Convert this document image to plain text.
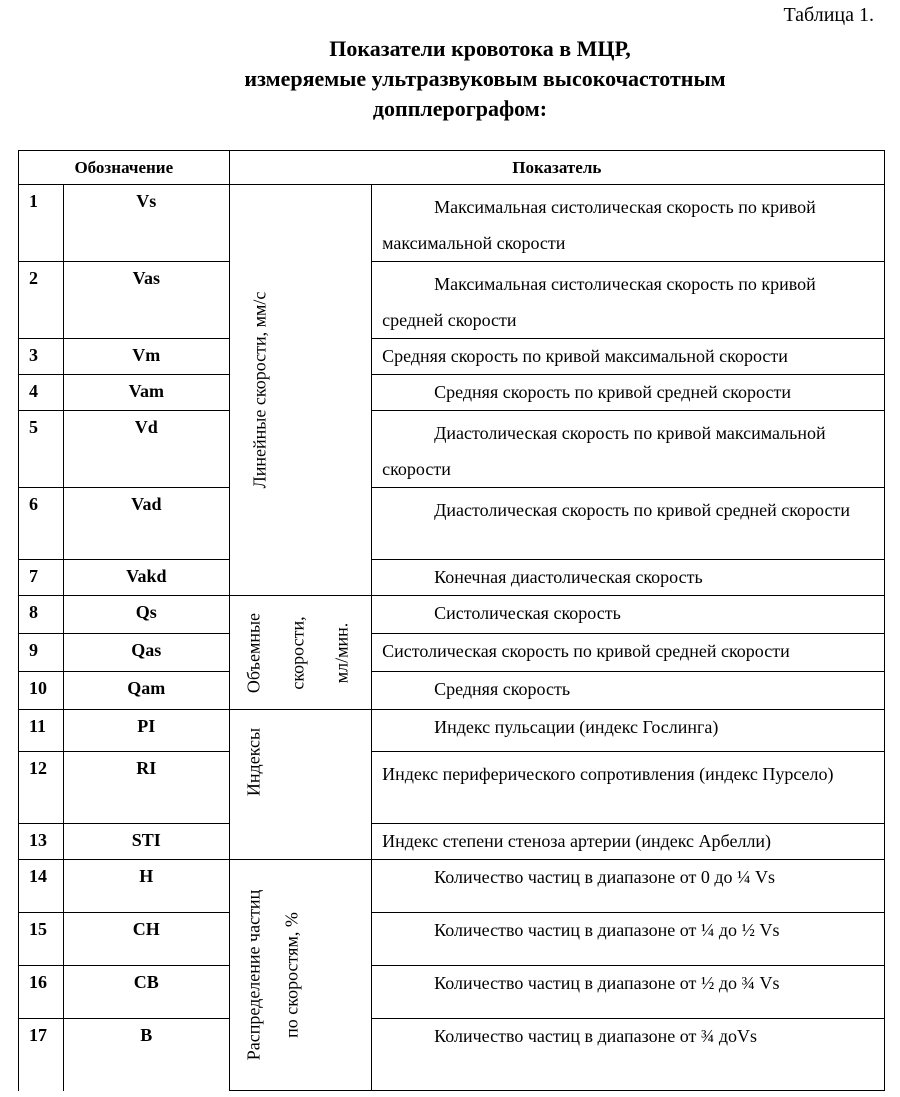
Таблица 1.
Показатели кровотока в МЦР,
измеряемые ультразвуковым высокочастотным
допплерографом:
Обозначение		Показатель	
1	Vs	Линейные скорости, мм/с	Максимальная систолическая скорость по кривой максимальной скорости

2	Vas		Максимальная систолическая скорость по кривой средней скорости

3	Vm		Средняя скорость по кривой максимальной скорости

4	Vam		Средняя скорость по кривой средней скорости

5	Vd		Диастолическая скорость по кривой максимальной скорости

6	Vad		Диастолическая скорость по кривой средней скорости

7	Vakd		Конечная диастолическая скорость

8	Qs	Объемные скорости, мл/мин.	Систолическая скорость

9	Qas		Систолическая скорость по кривой средней скорости

10	Qam		Средняя скорость

11	PI	Индексы	Индекс пульсации (индекс Гослинга)

12	RI		Индекс периферического сопротивления (индекс Пурсело)

13	STI		Индекс степени стеноза артерии (индекс Арбелли)

14	H	Распределение частиц по скоростям, %	Количество частиц в диапазоне от 0 до ¼ Vs

15	CH		Количество частиц в диапазоне от ¼ до ½ Vs

16	CB		Количество частиц в диапазоне от ½ до ¾ Vs

17	B		Количество частиц в диапазоне от ¾ доVs
